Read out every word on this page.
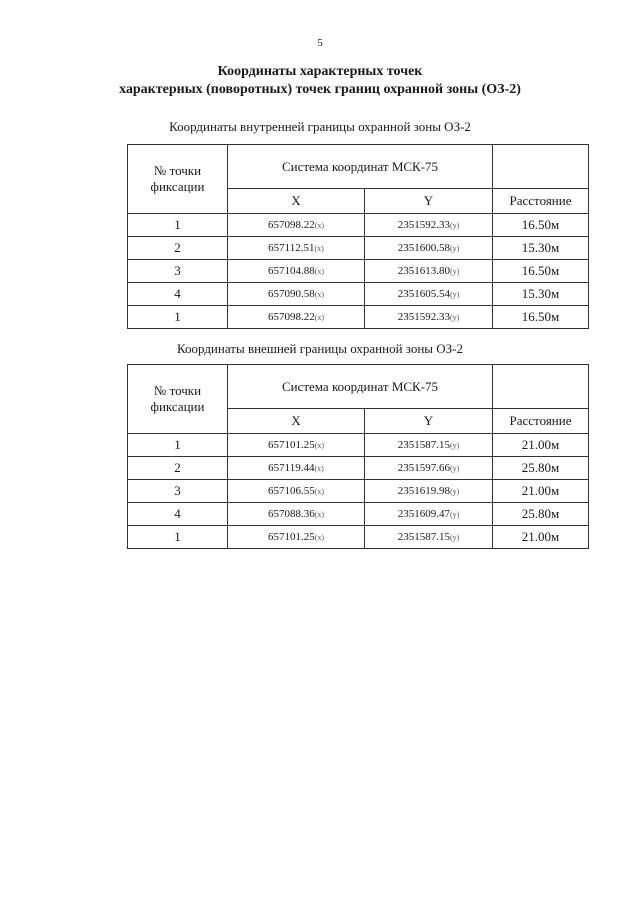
5
Координаты характерных точек
характерных (поворотных) точек границ охранной зоны (ОЗ-2)
Координаты внутренней границы охранной зоны ОЗ-2
№ точки фиксации	Система координат МСК-75		
	X	Y	Расстояние
1	657098.22(x)	2351592.33(y)	16.50м
2	657112.51(x)	2351600.58(y)	15.30м
3	657104.88(x)	2351613.80(y)	16.50м
4	657090.58(x)	2351605.54(y)	15.30м
1	657098.22(x)	2351592.33(y)	16.50м
Координаты внешней границы охранной зоны ОЗ-2
№ точки фиксации	Система координат МСК-75		
	X	Y	Расстояние
1	657101.25(x)	2351587.15(y)	21.00м
2	657119.44(x)	2351597.66(y)	25.80м
3	657106.55(x)	2351619.98(y)	21.00м
4	657088.36(x)	2351609.47(y)	25.80м
1	657101.25(x)	2351587.15(y)	21.00м
